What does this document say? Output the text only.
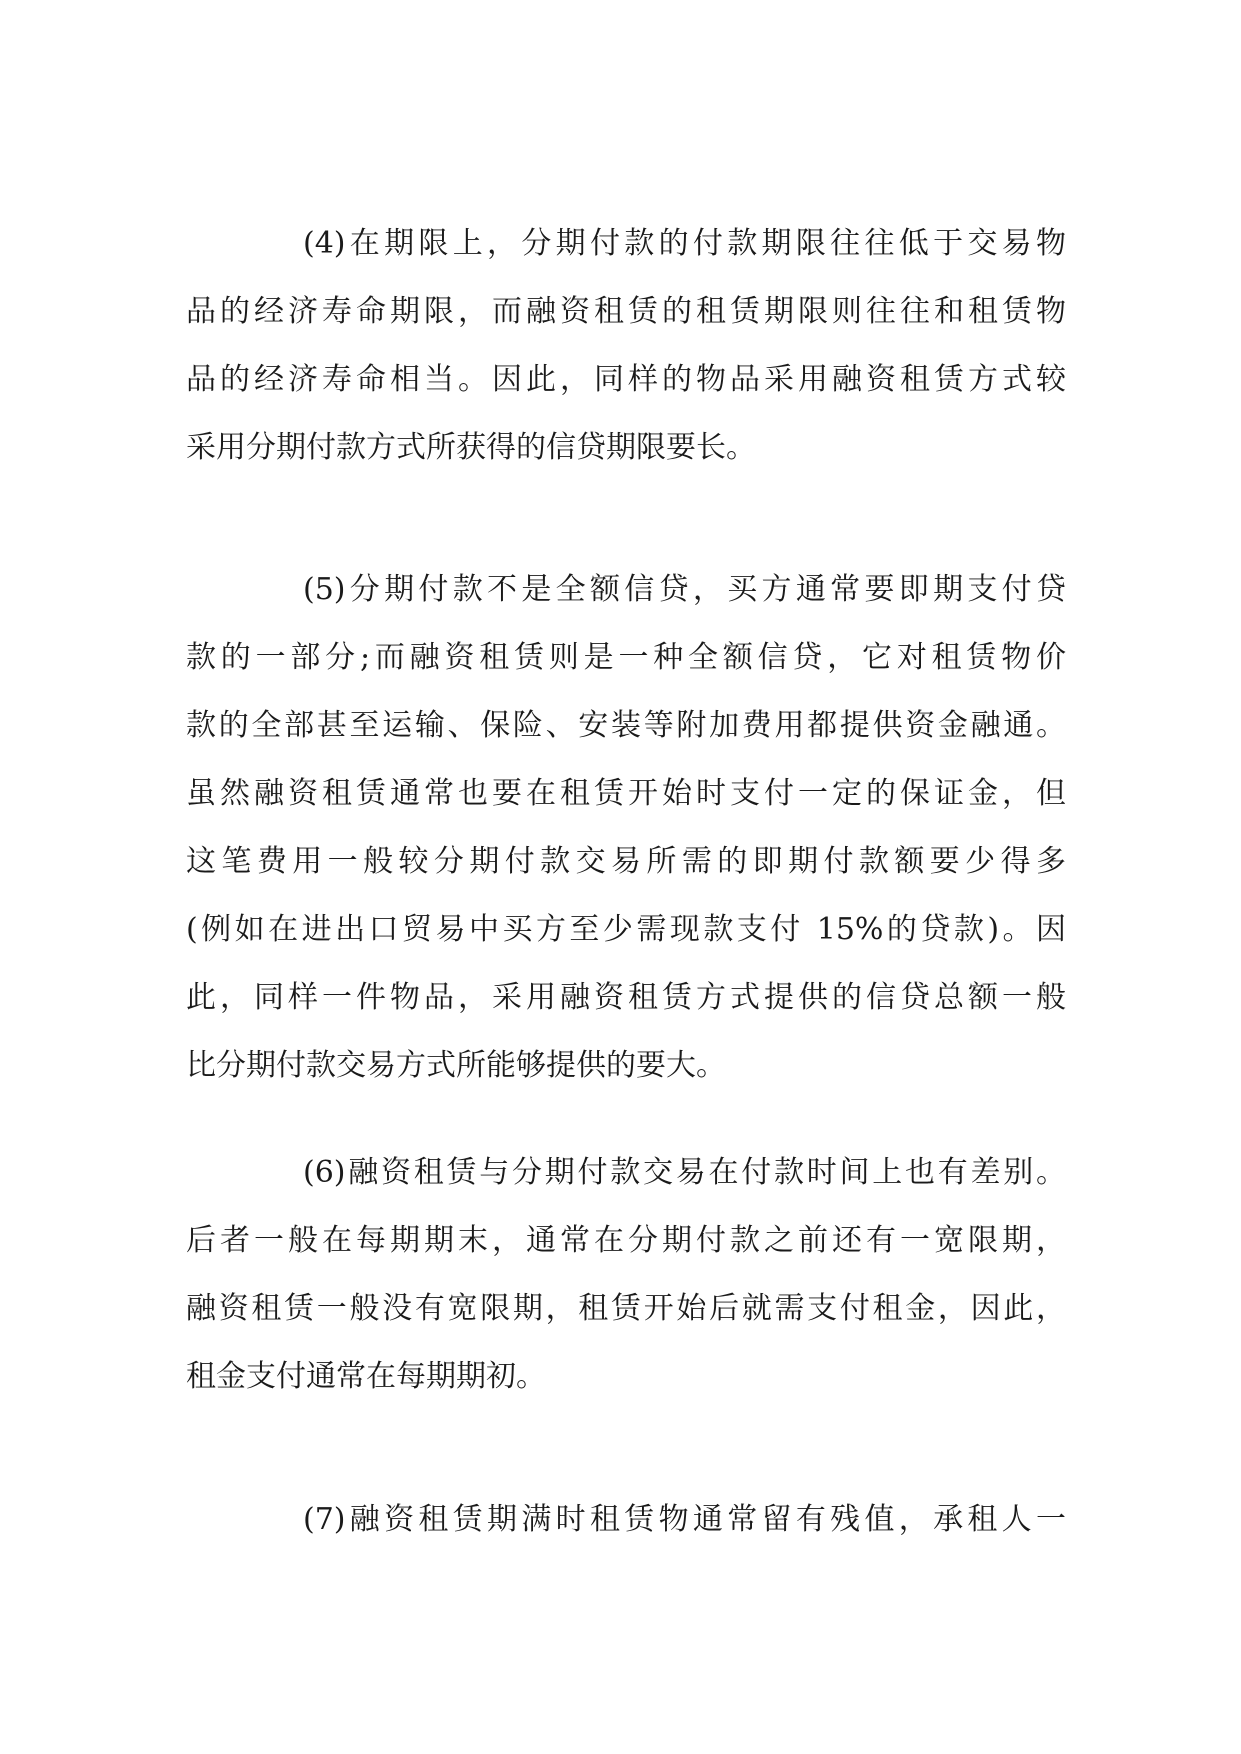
(4)在期限上，分期付款的付款期限往往低于交易物
品的经济寿命期限，而融资租赁的租赁期限则往往和租赁物
品的经济寿命相当。因此，同样的物品采用融资租赁方式较
采用分期付款方式所获得的信贷期限要长。
(5)分期付款不是全额信贷，买方通常要即期支付贷
款的一部分;而融资租赁则是一种全额信贷，它对租赁物价
款的全部甚至运输、保险、安装等附加费用都提供资金融通。
虽然融资租赁通常也要在租赁开始时支付一定的保证金，但
这笔费用一般较分期付款交易所需的即期付款额要少得多
(例如在进出口贸易中买方至少需现款支付 15%的贷款)。因
此，同样一件物品，采用融资租赁方式提供的信贷总额一般
比分期付款交易方式所能够提供的要大。
(6)融资租赁与分期付款交易在付款时间上也有差别。
后者一般在每期期末，通常在分期付款之前还有一宽限期，
融资租赁一般没有宽限期，租赁开始后就需支付租金，因此，
租金支付通常在每期期初。
(7)融资租赁期满时租赁物通常留有残值，承租人一
